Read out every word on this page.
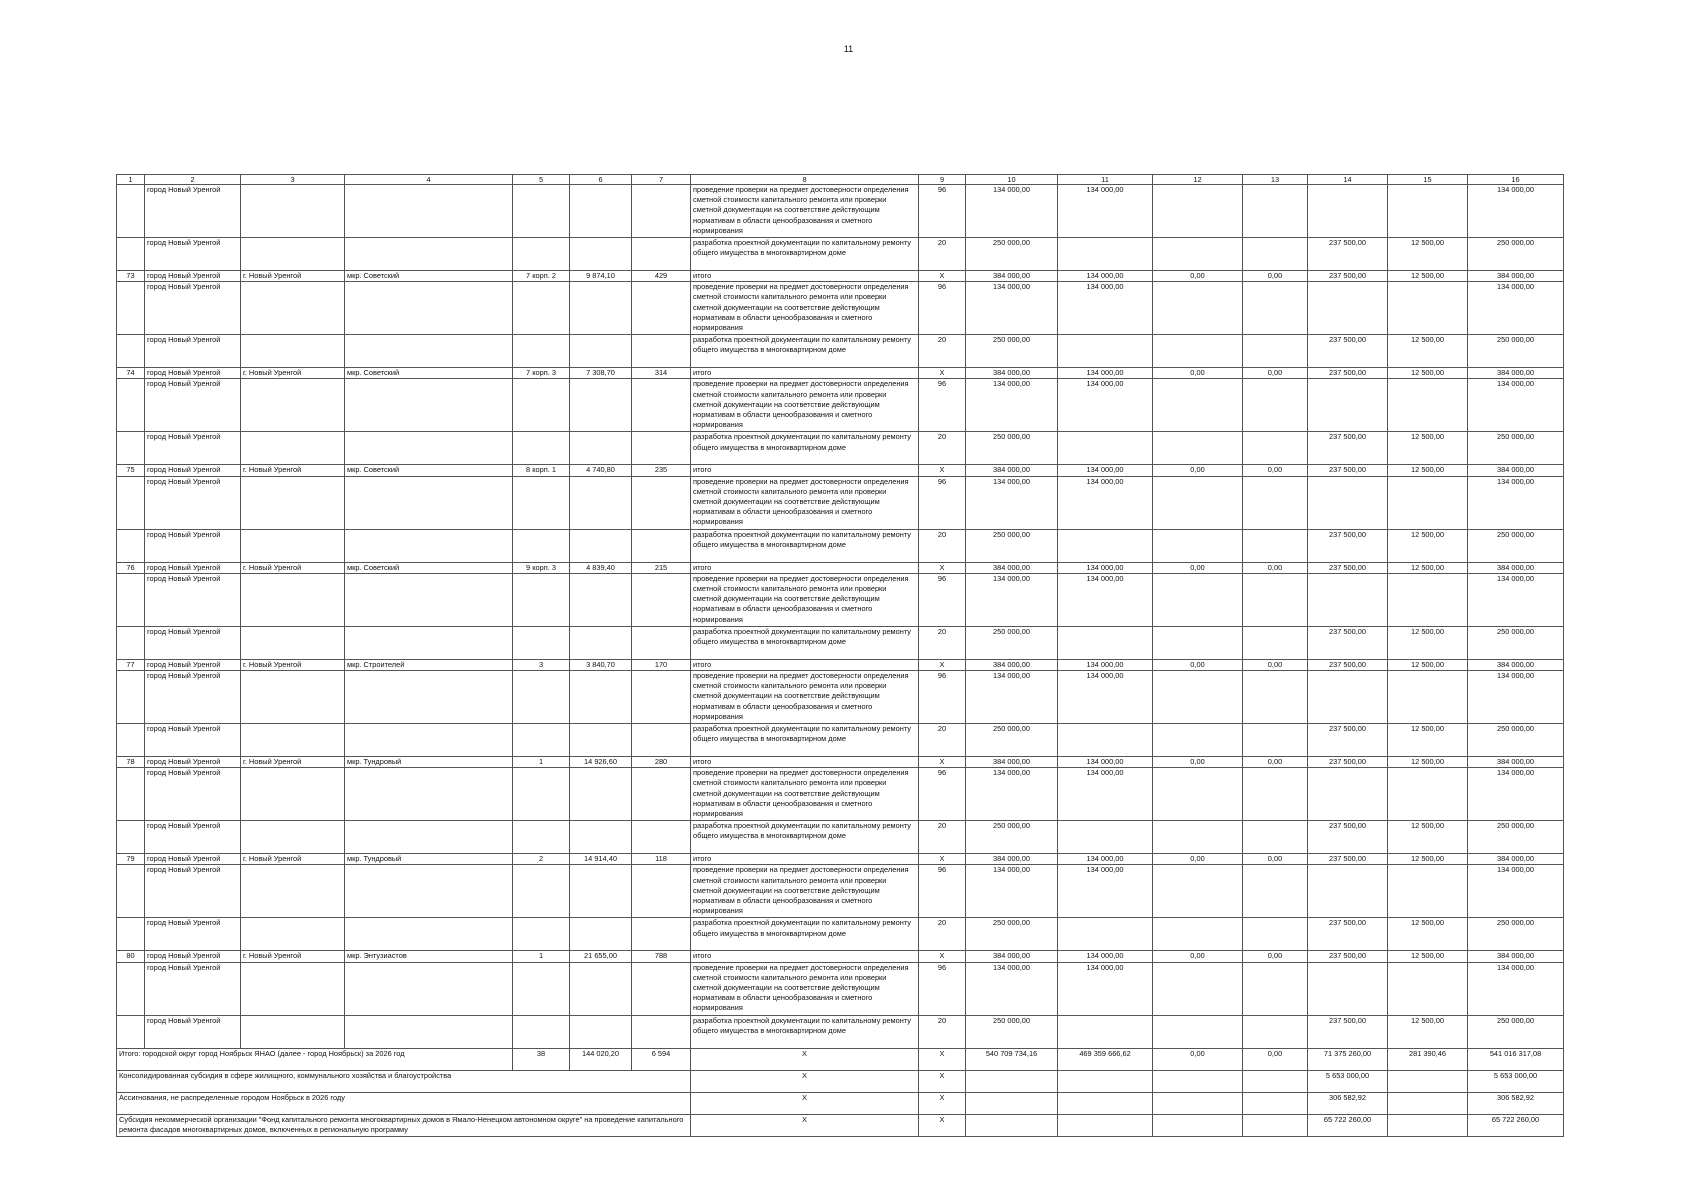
11
1	2	3	4	5	6	7	8	9	10	11	12	13	14	15	16
	город Новый Уренгой						проведение проверки на предмет достоверности определения сметной стоимости капитального ремонта или проверки сметной документации на соответствие действующим нормативам в области ценообразования и сметного нормирования	96	134 000,00	134 000,00					134 000,00
	город Новый Уренгой						разработка проектной документации по капитальному ремонту общего имущества в многоквартирном доме	20	250 000,00				237 500,00	12 500,00	250 000,00
73	город Новый Уренгой	г. Новый Уренгой	мкр. Советский	7 корп. 2	9 874,10	429	итого	X	384 000,00	134 000,00	0,00	0,00	237 500,00	12 500,00	384 000,00
	город Новый Уренгой						проведение проверки на предмет достоверности определения сметной стоимости капитального ремонта или проверки сметной документации на соответствие действующим нормативам в области ценообразования и сметного нормирования	96	134 000,00	134 000,00					134 000,00
	город Новый Уренгой						разработка проектной документации по капитальному ремонту общего имущества в многоквартирном доме	20	250 000,00				237 500,00	12 500,00	250 000,00
74	город Новый Уренгой	г. Новый Уренгой	мкр. Советский	7 корп. 3	7 308,70	314	итого	X	384 000,00	134 000,00	0,00	0,00	237 500,00	12 500,00	384 000,00
	город Новый Уренгой						проведение проверки на предмет достоверности определения сметной стоимости капитального ремонта или проверки сметной документации на соответствие действующим нормативам в области ценообразования и сметного нормирования	96	134 000,00	134 000,00					134 000,00
	город Новый Уренгой						разработка проектной документации по капитальному ремонту общего имущества в многоквартирном доме	20	250 000,00				237 500,00	12 500,00	250 000,00
75	город Новый Уренгой	г. Новый Уренгой	мкр. Советский	8 корп. 1	4 740,80	235	итого	X	384 000,00	134 000,00	0,00	0,00	237 500,00	12 500,00	384 000,00
	город Новый Уренгой						проведение проверки на предмет достоверности определения сметной стоимости капитального ремонта или проверки сметной документации на соответствие действующим нормативам в области ценообразования и сметного нормирования	96	134 000,00	134 000,00					134 000,00
	город Новый Уренгой						разработка проектной документации по капитальному ремонту общего имущества в многоквартирном доме	20	250 000,00				237 500,00	12 500,00	250 000,00
76	город Новый Уренгой	г. Новый Уренгой	мкр. Советский	9 корп. 3	4 839,40	215	итого	X	384 000,00	134 000,00	0,00	0,00	237 500,00	12 500,00	384 000,00
	город Новый Уренгой						проведение проверки на предмет достоверности определения сметной стоимости капитального ремонта или проверки сметной документации на соответствие действующим нормативам в области ценообразования и сметного нормирования	96	134 000,00	134 000,00					134 000,00
	город Новый Уренгой						разработка проектной документации по капитальному ремонту общего имущества в многоквартирном доме	20	250 000,00				237 500,00	12 500,00	250 000,00
77	город Новый Уренгой	г. Новый Уренгой	мкр. Строителей	3	3 840,70	170	итого	X	384 000,00	134 000,00	0,00	0,00	237 500,00	12 500,00	384 000,00
	город Новый Уренгой						проведение проверки на предмет достоверности определения сметной стоимости капитального ремонта или проверки сметной документации на соответствие действующим нормативам в области ценообразования и сметного нормирования	96	134 000,00	134 000,00					134 000,00
	город Новый Уренгой						разработка проектной документации по капитальному ремонту общего имущества в многоквартирном доме	20	250 000,00				237 500,00	12 500,00	250 000,00
78	город Новый Уренгой	г. Новый Уренгой	мкр. Тундровый	1	14 926,60	280	итого	X	384 000,00	134 000,00	0,00	0,00	237 500,00	12 500,00	384 000,00
	город Новый Уренгой						проведение проверки на предмет достоверности определения сметной стоимости капитального ремонта или проверки сметной документации на соответствие действующим нормативам в области ценообразования и сметного нормирования	96	134 000,00	134 000,00					134 000,00
	город Новый Уренгой						разработка проектной документации по капитальному ремонту общего имущества в многоквартирном доме	20	250 000,00				237 500,00	12 500,00	250 000,00
79	город Новый Уренгой	г. Новый Уренгой	мкр. Тундровый	2	14 914,40	118	итого	X	384 000,00	134 000,00	0,00	0,00	237 500,00	12 500,00	384 000,00
	город Новый Уренгой						проведение проверки на предмет достоверности определения сметной стоимости капитального ремонта или проверки сметной документации на соответствие действующим нормативам в области ценообразования и сметного нормирования	96	134 000,00	134 000,00					134 000,00
	город Новый Уренгой						разработка проектной документации по капитальному ремонту общего имущества в многоквартирном доме	20	250 000,00				237 500,00	12 500,00	250 000,00
80	город Новый Уренгой	г. Новый Уренгой	мкр. Энтузиастов	1	21 655,00	788	итого	X	384 000,00	134 000,00	0,00	0,00	237 500,00	12 500,00	384 000,00
	город Новый Уренгой						проведение проверки на предмет достоверности определения сметной стоимости капитального ремонта или проверки сметной документации на соответствие действующим нормативам в области ценообразования и сметного нормирования	96	134 000,00	134 000,00					134 000,00
	город Новый Уренгой						разработка проектной документации по капитальному ремонту общего имущества в многоквартирном доме	20	250 000,00				237 500,00	12 500,00	250 000,00
Итого: городской округ город Ноябрьск ЯНАО (далее - город Ноябрьск) за 2026 год				38	144 020,20	6 594	X	X	540 709 734,16	469 359 666,62	0,00	0,00	71 375 260,00	281 390,46	541 016 317,08
Консолидированная субсидия в сфере жилищного, коммунального хозяйства и благоустройства							X	X					5 653 000,00		5 653 000,00
Ассигнования, не распределенные городом Ноябрьск в 2026 году							X	X					306 582,92		306 582,92
Субсидия некоммерческой организации "Фонд капитального ремонта многоквартирных домов в Ямало-Ненецком автономном округе" на проведение капитального ремонта фасадов многоквартирных домов, включенных в региональную программу							X	X					65 722 260,00		65 722 260,00
